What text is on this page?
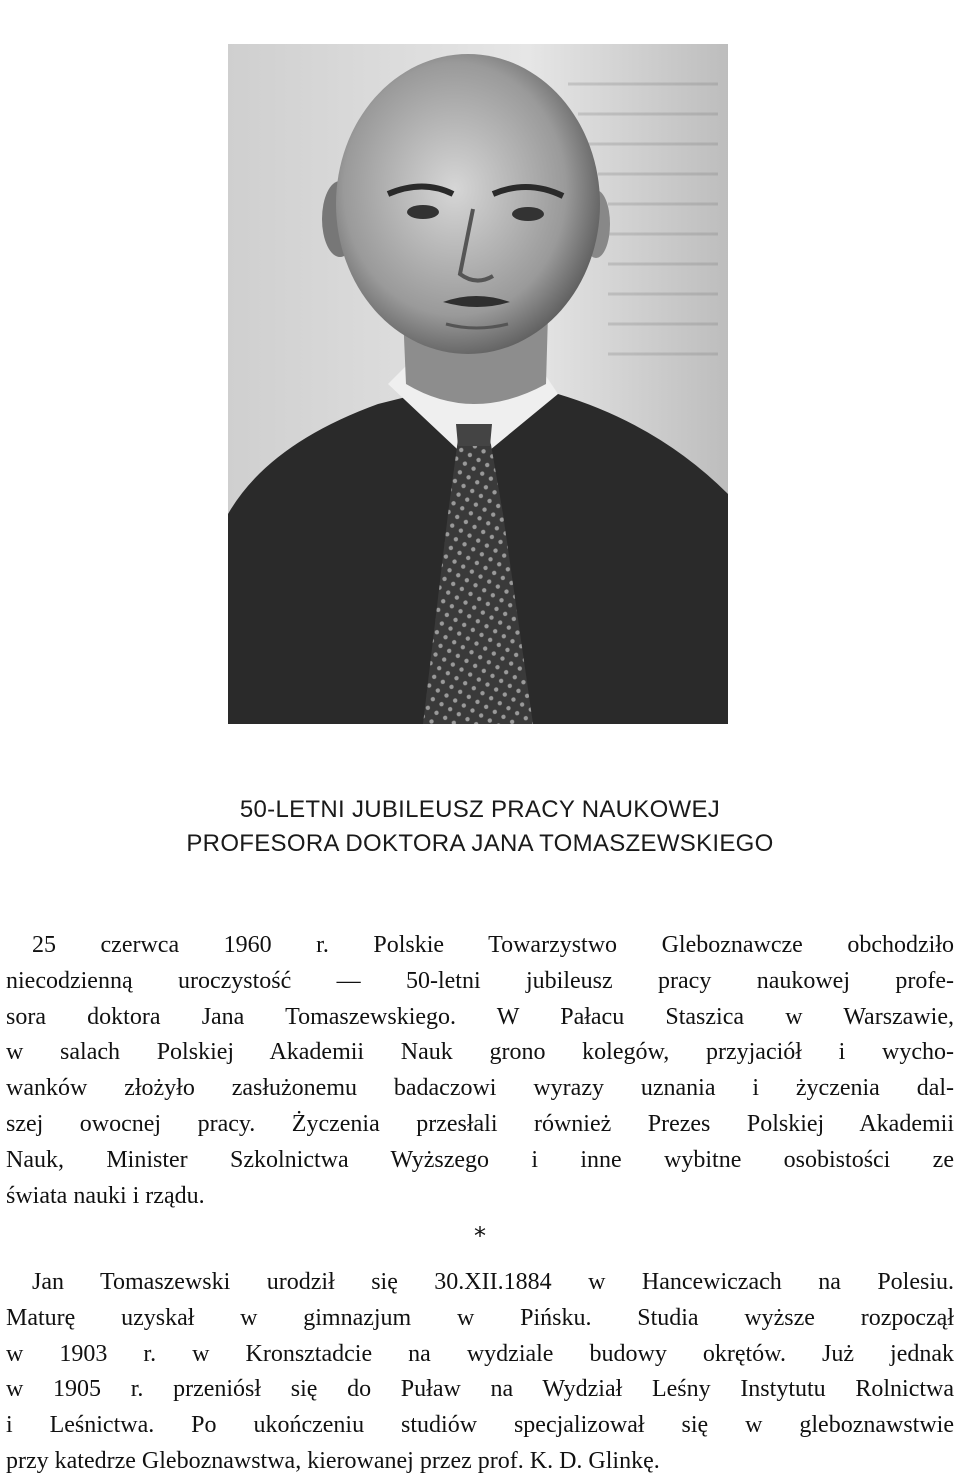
50-LETNI JUBILEUSZ PRACY NAUKOWEJ
PROFESORA DOKTORA JANA TOMASZEWSKIEGO

25 czerwca 1960 r. Polskie Towarzystwo Gleboznawcze obchodziło
niecodzienną uroczystość — 50-letni jubileusz pracy naukowej profe-
sora doktora Jana Tomaszewskiego. W Pałacu Staszica w Warszawie,
w salach Polskiej Akademii Nauk grono kolegów, przyjaciół i wycho-
wanków złożyło zasłużonemu badaczowi wyrazy uznania i życzenia dal-
szej owocnej pracy. Życzenia przesłali również Prezes Polskiej Akademii
Nauk, Minister Szkolnictwa Wyższego i inne wybitne osobistości ze
świata nauki i rządu.

*

Jan Tomaszewski urodził się 30.XII.1884 w Hancewiczach na Polesiu.
Maturę uzyskał w gimnazjum w Pińsku. Studia wyższe rozpoczął
w 1903 r. w Kronsztadcie na wydziale budowy okrętów. Już jednak
w 1905 r. przeniósł się do Puław na Wydział Leśny Instytutu Rolnictwa
i Leśnictwa. Po ukończeniu studiów specjalizował się w gleboznawstwie
przy katedrze Gleboznawstwa, kierowanej przez prof. K. D. Glinkę.
